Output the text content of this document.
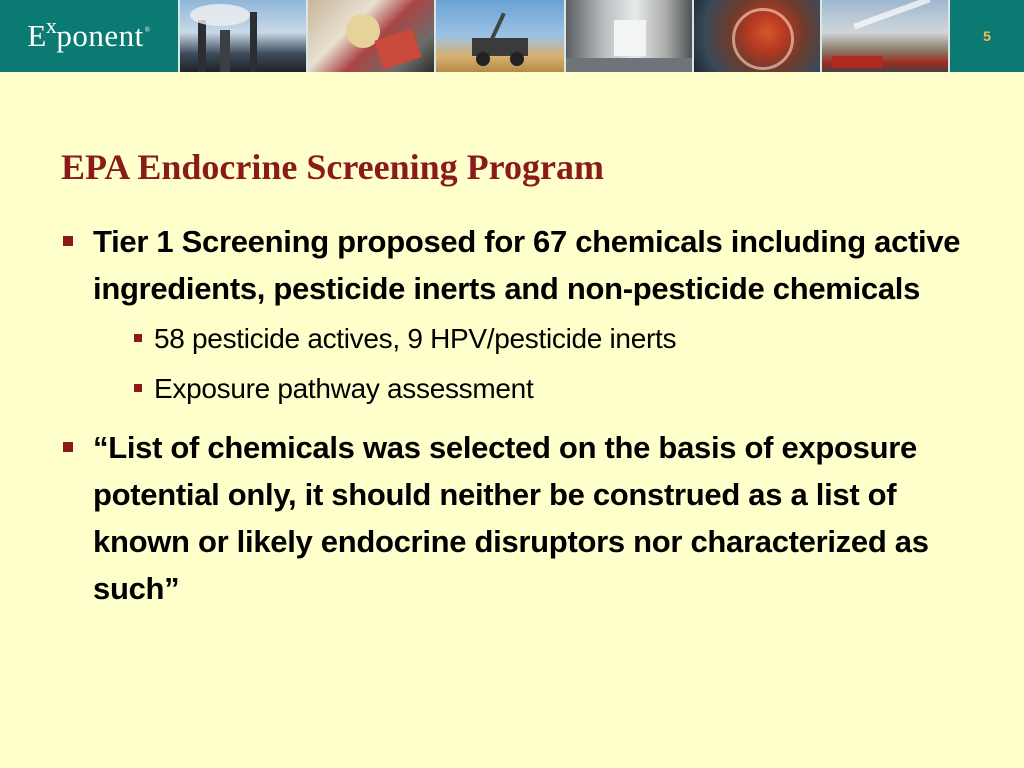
E x ponent ®	5
EPA Endocrine Screening Program
Tier 1 Screening proposed for 67 chemicals including active ingredients, pesticide inerts and non-pesticide chemicals
58 pesticide actives, 9 HPV/pesticide inerts
Exposure pathway assessment
“List of chemicals was selected on the basis of exposure potential only, it should neither be construed as a list of known or likely endocrine disruptors nor characterized as such”
